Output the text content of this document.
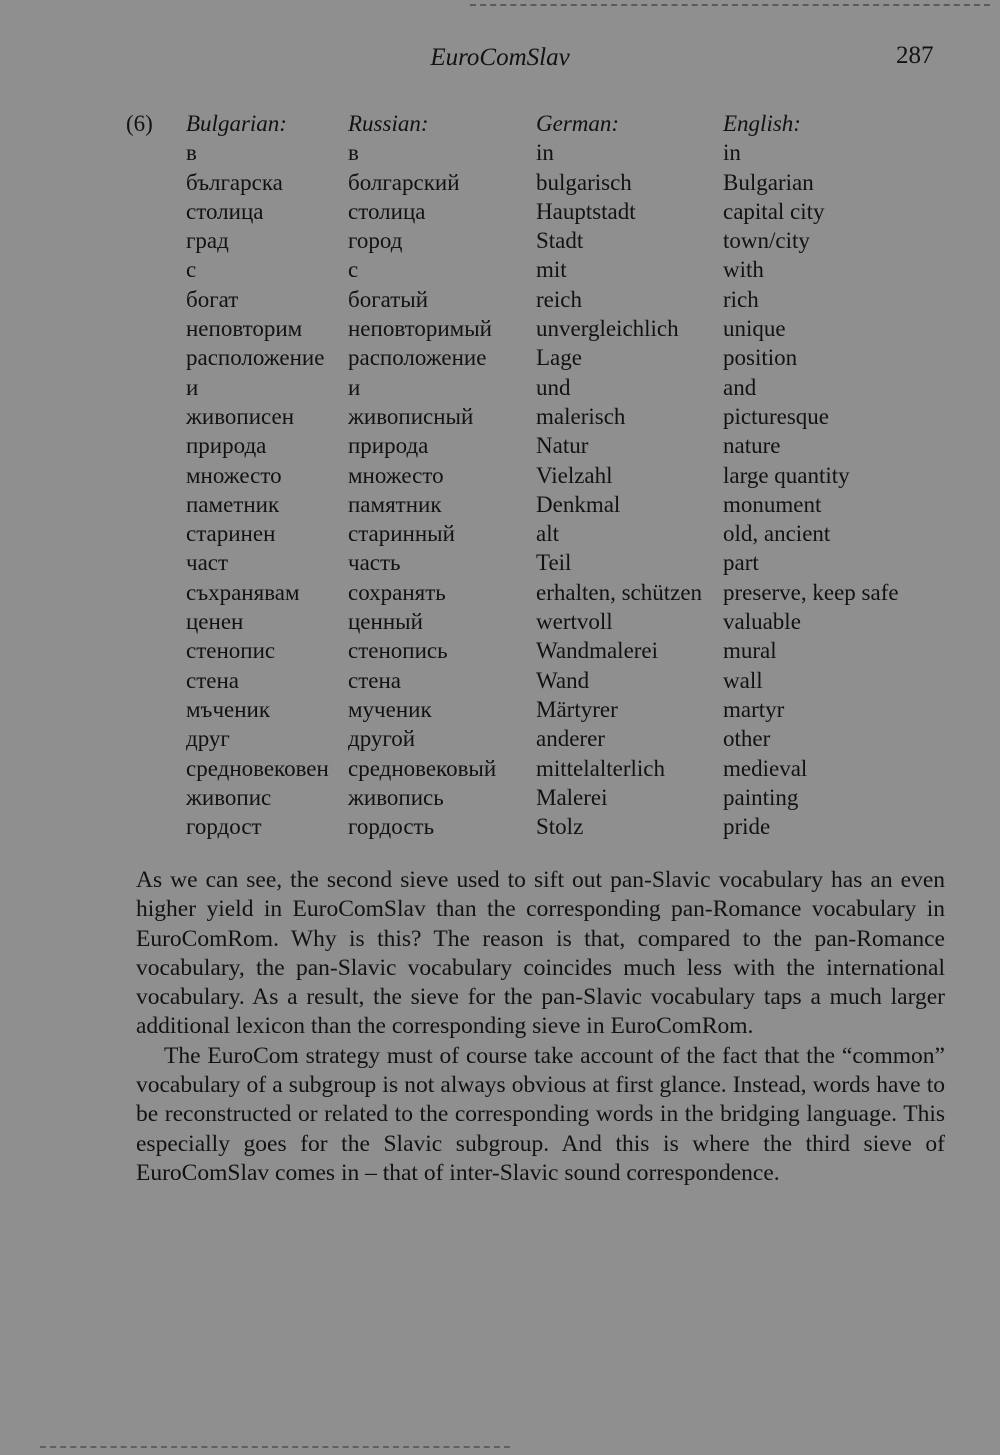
EuroComSlav	287
(6) Bulgarian:	Russian:	German:	English:
в	в	in	in
българска	болгарский	bulgarisch	Bulgarian
столица	столица	Hauptstadt	capital city
град	город	Stadt	town/city
с	с	mit	with
богат	богатый	reich	rich
неповторим	неповторимый	unvergleichlich	unique
расположение	расположение	Lage	position
и	и	und	and
живописен	живописный	malerisch	picturesque
природа	природа	Natur	nature
множесто	множесто	Vielzahl	large quantity
паметник	памятник	Denkmal	monument
старинен	старинный	alt	old, ancient
част	часть	Teil	part
съхранявам	сохранять	erhalten, schützen	preserve, keep safe
ценен	ценный	wertvoll	valuable
стенопис	стенопись	Wandmalerei	mural
стена	стена	Wand	wall
мъченик	мученик	Märtyrer	martyr
друг	другой	anderer	other
средновековен	средновековый	mittelalterlich	medieval
живопис	живопись	Malerei	painting
гордост	гордость	Stolz	pride

As we can see, the second sieve used to sift out pan-Slavic vocabulary has an even higher yield in EuroComSlav than the corresponding pan-Romance vocabulary in EuroComRom. Why is this? The reason is that, compared to the pan-Romance vocabulary, the pan-Slavic vocabulary coincides much less with the international vocabulary. As a result, the sieve for the pan-Slavic vocabulary taps a much larger additional lexicon than the corresponding sieve in EuroComRom.

The EuroCom strategy must of course take account of the fact that the “common” vocabulary of a subgroup is not always obvious at first glance. Instead, words have to be reconstructed or related to the corresponding words in the bridging language. This especially goes for the Slavic subgroup. And this is where the third sieve of EuroComSlav comes in – that of inter-Slavic sound correspondence.
